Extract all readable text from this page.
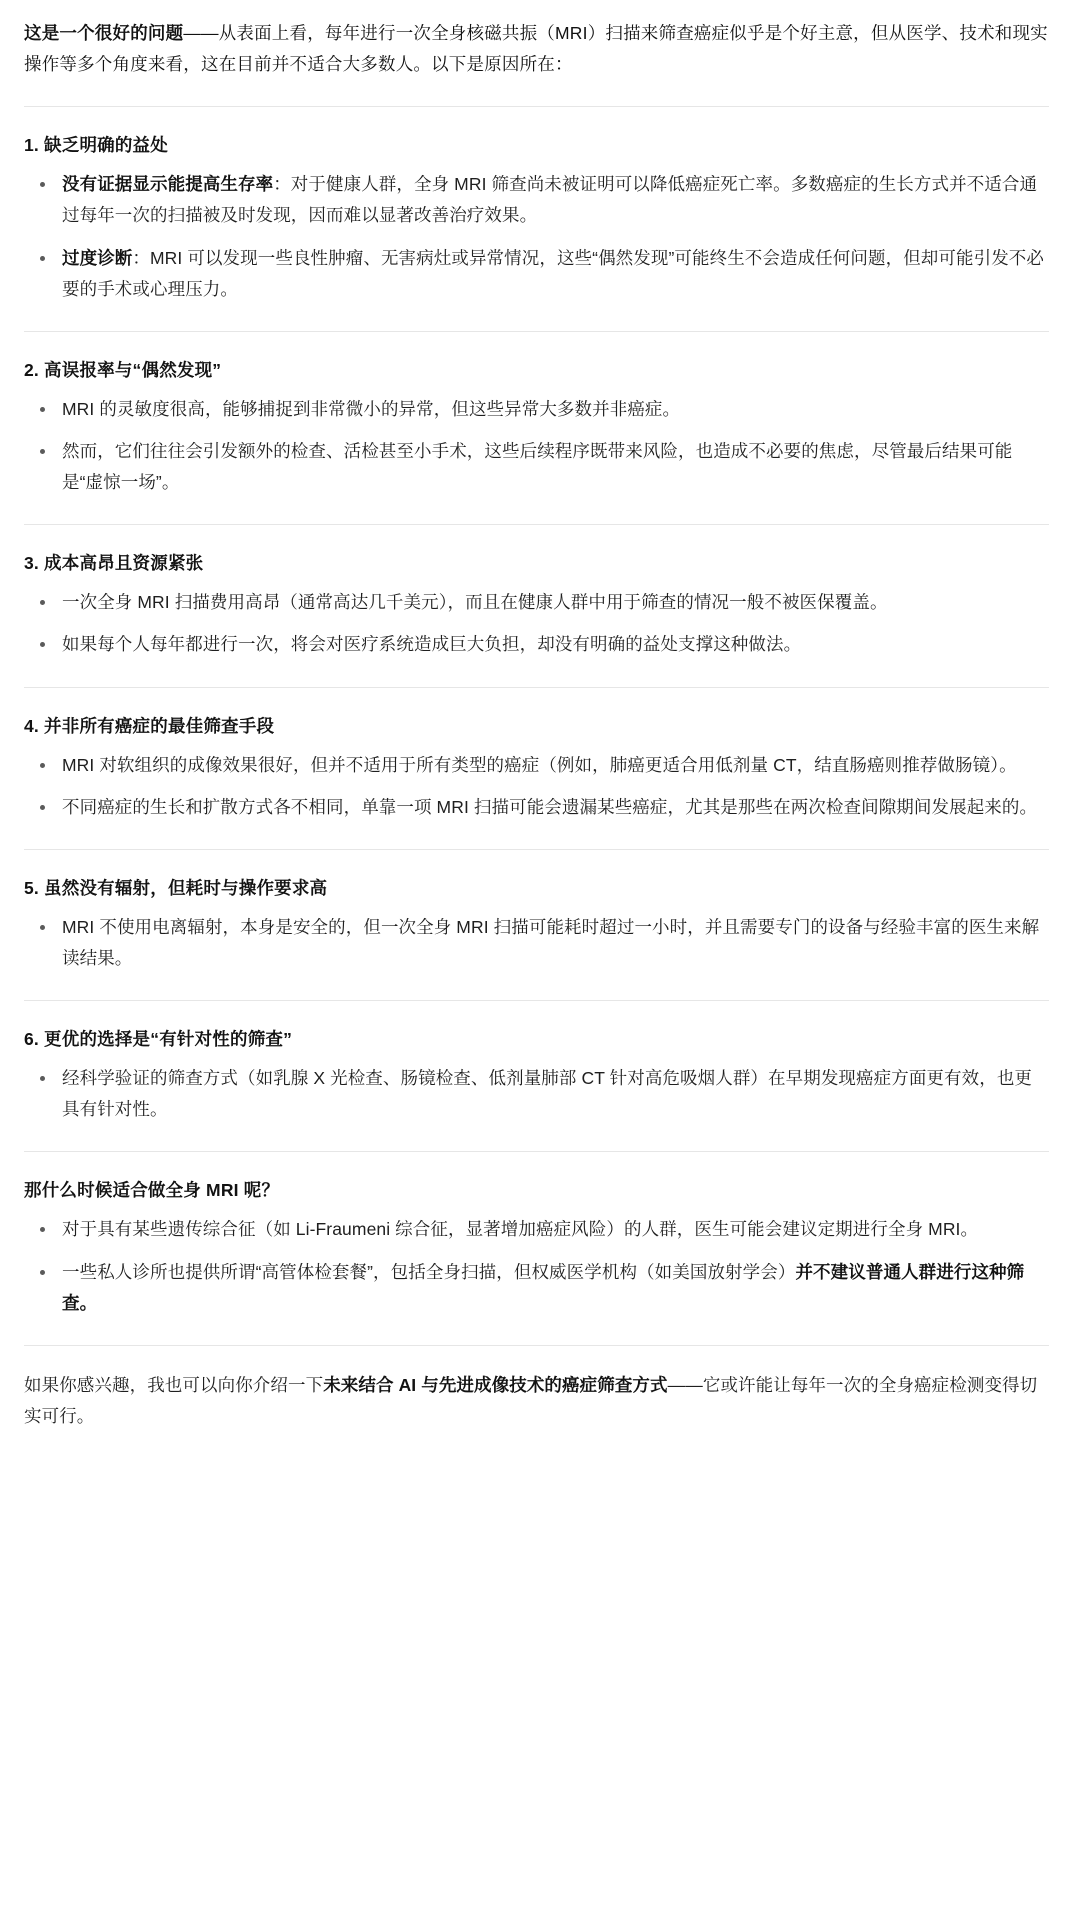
这是一个很好的问题——从表面上看，每年进行一次全身核磁共振（MRI）扫描来筛查癌症似乎是个好主意，但从医学、技术和现实操作等多个角度来看，这在目前并不适合大多数人。以下是原因所在：

1. 缺乏明确的益处
没有证据显示能提高生存率：对于健康人群，全身 MRI 筛查尚未被证明可以降低癌症死亡率。多数癌症的生长方式并不适合通过每年一次的扫描被及时发现，因而难以显著改善治疗效果。
过度诊断：MRI 可以发现一些良性肿瘤、无害病灶或异常情况，这些“偶然发现”可能终生不会造成任何问题，但却可能引发不必要的手术或心理压力。
2. 高误报率与“偶然发现”
MRI 的灵敏度很高，能够捕捉到非常微小的异常，但这些异常大多数并非癌症。
然而，它们往往会引发额外的检查、活检甚至小手术，这些后续程序既带来风险，也造成不必要的焦虑，尽管最后结果可能是“虚惊一场”。
3. 成本高昂且资源紧张
一次全身 MRI 扫描费用高昂（通常高达几千美元），而且在健康人群中用于筛查的情况一般不被医保覆盖。
如果每个人每年都进行一次，将会对医疗系统造成巨大负担，却没有明确的益处支撑这种做法。
4. 并非所有癌症的最佳筛查手段
MRI 对软组织的成像效果很好，但并不适用于所有类型的癌症（例如，肺癌更适合用低剂量 CT，结直肠癌则推荐做肠镜）。
不同癌症的生长和扩散方式各不相同，单靠一项 MRI 扫描可能会遗漏某些癌症，尤其是那些在两次检查间隙期间发展起来的。
5. 虽然没有辐射，但耗时与操作要求高
MRI 不使用电离辐射，本身是安全的，但一次全身 MRI 扫描可能耗时超过一小时，并且需要专门的设备与经验丰富的医生来解读结果。
6. 更优的选择是“有针对性的筛查”
经科学验证的筛查方式（如乳腺 X 光检查、肠镜检查、低剂量肺部 CT 针对高危吸烟人群）在早期发现癌症方面更有效，也更具有针对性。
那什么时候适合做全身 MRI 呢？
对于具有某些遗传综合征（如 Li-Fraumeni 综合征，显著增加癌症风险）的人群，医生可能会建议定期进行全身 MRI。
一些私人诊所也提供所谓“高管体检套餐”，包括全身扫描，但权威医学机构（如美国放射学会）并不建议普通人群进行这种筛查。

如果你感兴趣，我也可以向你介绍一下未来结合 AI 与先进成像技术的癌症筛查方式——它或许能让每年一次的全身癌症检测变得切实可行。
